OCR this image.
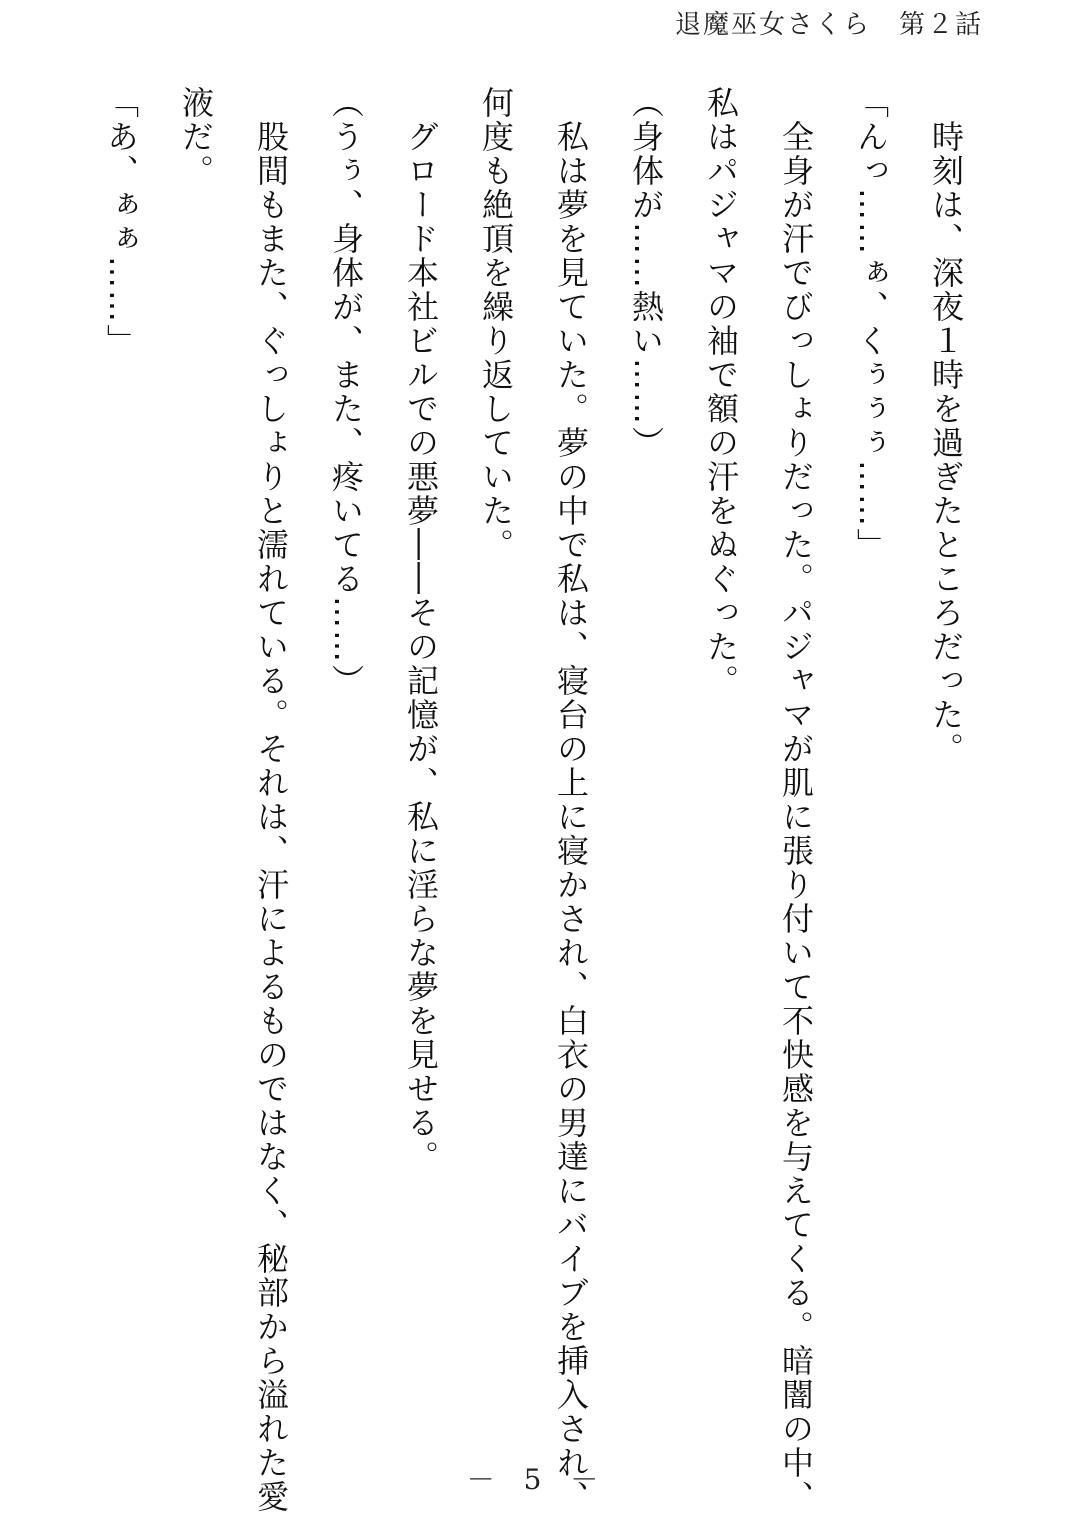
退魔巫女さくら　第２話
　時刻は、深夜１時を過ぎたところだった。
「んっ……ぁ、くぅぅぅ……」
　全身が汗でびっしょりだった。パジャマが肌に張り付いて不快感を与えてくる。暗闇の中、
私はパジャマの袖で額の汗をぬぐった。
（身体が……熱い……）
　私は夢を見ていた。夢の中で私は、寝台の上に寝かされ、白衣の男達にバイブを挿入され、
何度も絶頂を繰り返していた。
　グロード本社ビルでの悪夢――その記憶が、私に淫らな夢を見せる。
（うぅ、身体が、また、疼いてる……）
　股間もまた、ぐっしょりと濡れている。それは、汗によるものではなく、秘部から溢れた愛
液だ。
「あ、ぁぁ……」
－ 5 －
